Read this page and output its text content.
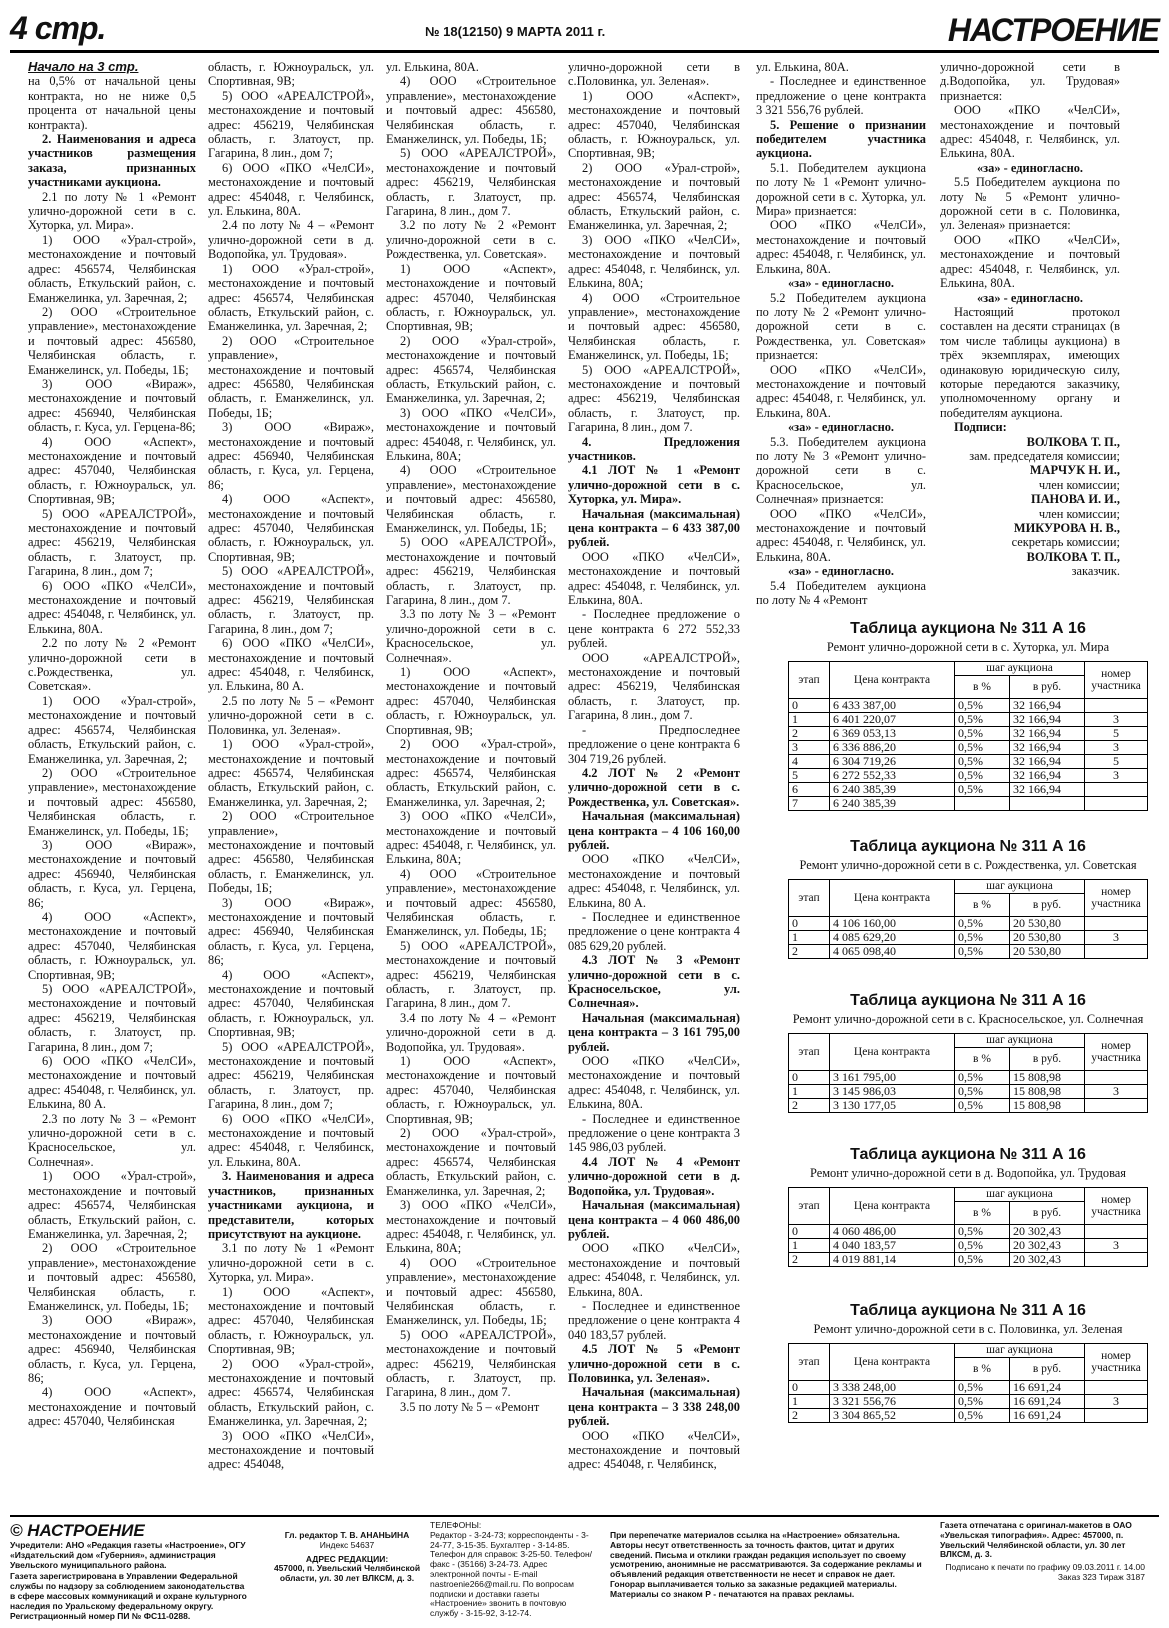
4 стр.	№ 18(12150) 9 МАРТА 2011 г.	НАСТРОЕНИЕ

Начало на 3 стр.

на 0,5% от начальной цены контракта, но не ниже 0,5 процента от начальной цены контракта).

2. Наименования и адреса участников размещения заказа, признанных участниками аукциона.

2.1 по лоту № 1 «Ремонт улично-дорожной сети в с. Хуторка, ул. Мира».

1) ООО «Урал-строй», местонахождение и почтовый адрес: 456574, Челябинская область, Еткульский район, с. Еманжелинка, ул. Заречная, 2;

2) ООО «Строительное управление», местонахождение и почтовый адрес: 456580, Челябинская область, г. Еманжелинск, ул. Победы, 1Б;

3) ООО «Вираж», местонахождение и почтовый адрес: 456940, Челябинская область, г. Куса, ул. Герцена-86;

4) ООО «Аспект», местонахождение и почтовый адрес: 457040, Челябинская область, г. Южноуральск, ул. Спортивная, 9В;

5) ООО «АРЕАЛСТРОЙ», местонахождение и почтовый адрес: 456219, Челябинская область, г. Златоуст, пр. Гагарина, 8 лин., дом 7;

6) ООО «ПКО «ЧелСИ», местонахождение и почтовый адрес: 454048, г. Челябинск, ул. Елькина, 80А.

2.2 по лоту № 2 «Ремонт улично-дорожной сети в с.Рождественка, ул. Советская».

1) ООО «Урал-строй», местонахождение и почтовый адрес: 456574, Челябинская область, Еткульский район, с. Еманжелинка, ул. Заречная, 2;

2) ООО «Строительное управление», местонахождение и почтовый адрес: 456580, Челябинская область, г. Еманжелинск, ул. Победы, 1Б;

3) ООО «Вираж», местонахождение и почтовый адрес: 456940, Челябинская область, г. Куса, ул. Герцена, 86;

4) ООО «Аспект», местонахождение и почтовый адрес: 457040, Челябинская область, г. Южноуральск, ул. Спортивная, 9В;

5) ООО «АРЕАЛСТРОЙ», местонахождение и почтовый адрес: 456219, Челябинская область, г. Златоуст, пр. Гагарина, 8 лин., дом 7;

6) ООО «ПКО «ЧелСИ», местонахождение и почтовый адрес: 454048, г. Челябинск, ул. Елькина, 80 А.

2.3 по лоту № 3 – «Ремонт улично-дорожной сети в с. Красносельское, ул. Солнечная».

1) ООО «Урал-строй», местонахождение и почтовый адрес: 456574, Челябинская область, Еткульский район, с. Еманжелинка, ул. Заречная, 2;

2) ООО «Строительное управление», местонахождение и почтовый адрес: 456580, Челябинская область, г. Еманжелинск, ул. Победы, 1Б;

3) ООО «Вираж», местонахождение и почтовый адрес: 456940, Челябинская область, г. Куса, ул. Герцена, 86;

4) ООО «Аспект», местонахождение и почтовый адрес: 457040, Челябинская

область, г. Южноуральск, ул. Спортивная, 9В;

5) ООО «АРЕАЛСТРОЙ», местонахождение и почтовый адрес: 456219, Челябинская область, г. Златоуст, пр. Гагарина, 8 лин., дом 7;

6) ООО «ПКО «ЧелСИ», местонахождение и почтовый адрес: 454048, г. Челябинск, ул. Елькина, 80А.

2.4 по лоту № 4 – «Ремонт улично-дорожной сети в д. Водопойка, ул. Трудовая».

1) ООО «Урал-строй», местонахождение и почтовый адрес: 456574, Челябинская область, Еткульский район, с. Еманжелинка, ул. Заречная, 2;

2) ООО «Строительное управление», местонахождение и почтовый адрес: 456580, Челябинская область, г. Еманжелинск, ул. Победы, 1Б;

3) ООО «Вираж», местонахождение и почтовый адрес: 456940, Челябинская область, г. Куса, ул. Герцена, 86;

4) ООО «Аспект», местонахождение и почтовый адрес: 457040, Челябинская область, г. Южноуральск, ул. Спортивная, 9В;

5) ООО «АРЕАЛСТРОЙ», местонахождение и почтовый адрес: 456219, Челябинская область, г. Златоуст, пр. Гагарина, 8 лин., дом 7;

6) ООО «ПКО «ЧелСИ», местонахождение и почтовый адрес: 454048, г. Челябинск, ул. Елькина, 80 А.

2.5 по лоту № 5 – «Ремонт улично-дорожной сети в с. Половинка, ул. Зеленая».

1) ООО «Урал-строй», местонахождение и почтовый адрес: 456574, Челябинская область, Еткульский район, с. Еманжелинка, ул. Заречная, 2;

2) ООО «Строительное управление», местонахождение и почтовый адрес: 456580, Челябинская область, г. Еманжелинск, ул. Победы, 1Б;

3) ООО «Вираж», местонахождение и почтовый адрес: 456940, Челябинская область, г. Куса, ул. Герцена, 86;

4) ООО «Аспект», местонахождение и почтовый адрес: 457040, Челябинская область, г. Южноуральск, ул. Спортивная, 9В;

5) ООО «АРЕАЛСТРОЙ», местонахождение и почтовый адрес: 456219, Челябинская область, г. Златоуст, пр. Гагарина, 8 лин., дом 7;

6) ООО «ПКО «ЧелСИ», местонахождение и почтовый адрес: 454048, г. Челябинск, ул. Елькина, 80А.

3. Наименования и адреса участников, признанных участниками аукциона, и представители, которых присутствуют на аукционе.

3.1 по лоту № 1 «Ремонт улично-дорожной сети в с. Хуторка, ул. Мира».

1) ООО «Аспект», местонахождение и почтовый адрес: 457040, Челябинская область, г. Южноуральск, ул. Спортивная, 9В;

2) ООО «Урал-строй», местонахождение и почтовый адрес: 456574, Челябинская область, Еткульский район, с. Еманжелинка, ул. Заречная, 2;

3) ООО «ПКО «ЧелСИ», местонахождение и почтовый адрес: 454048,

ул. Елькина, 80А.

4) ООО «Строительное управление», местонахождение и почтовый адрес: 456580, Челябинская область, г. Еманжелинск, ул. Победы, 1Б;

5) ООО «АРЕАЛСТРОЙ», местонахождение и почтовый адрес: 456219, Челябинская область, г. Златоуст, пр. Гагарина, 8 лин., дом 7.

3.2 по лоту № 2 «Ремонт улично-дорожной сети в с. Рождественка, ул. Советская».

1) ООО «Аспект», местонахождение и почтовый адрес: 457040, Челябинская область, г. Южноуральск, ул. Спортивная, 9В;

2) ООО «Урал-строй», местонахождение и почтовый адрес: 456574, Челябинская область, Еткульский район, с. Еманжелинка, ул. Заречная, 2;

3) ООО «ПКО «ЧелСИ», местонахождение и почтовый адрес: 454048, г. Челябинск, ул. Елькина, 80А;

4) ООО «Строительное управление», местонахождение и почтовый адрес: 456580, Челябинская область, г. Еманжелинск, ул. Победы, 1Б;

5) ООО «АРЕАЛСТРОЙ», местонахождение и почтовый адрес: 456219, Челябинская область, г. Златоуст, пр. Гагарина, 8 лин., дом 7.

3.3 по лоту № 3 – «Ремонт улично-дорожной сети в с. Красносельское, ул. Солнечная».

1) ООО «Аспект», местонахождение и почтовый адрес: 457040, Челябинская область, г. Южноуральск, ул. Спортивная, 9В;

2) ООО «Урал-строй», местонахождение и почтовый адрес: 456574, Челябинская область, Еткульский район, с. Еманжелинка, ул. Заречная, 2;

3) ООО «ПКО «ЧелСИ», местонахождение и почтовый адрес: 454048, г. Челябинск, ул. Елькина, 80А;

4) ООО «Строительное управление», местонахождение и почтовый адрес: 456580, Челябинская область, г. Еманжелинск, ул. Победы, 1Б;

5) ООО «АРЕАЛСТРОЙ», местонахождение и почтовый адрес: 456219, Челябинская область, г. Златоуст, пр. Гагарина, 8 лин., дом 7.

3.4 по лоту № 4 – «Ремонт улично-дорожной сети в д. Водопойка, ул. Трудовая».

1) ООО «Аспект», местонахождение и почтовый адрес: 457040, Челябинская область, г. Южноуральск, ул. Спортивная, 9В;

2) ООО «Урал-строй», местонахождение и почтовый адрес: 456574, Челябинская область, Еткульский район, с. Еманжелинка, ул. Заречная, 2;

3) ООО «ПКО «ЧелСИ», местонахождение и почтовый адрес: 454048, г. Челябинск, ул. Елькина, 80А;

4) ООО «Строительное управление», местонахождение и почтовый адрес: 456580, Челябинская область, г. Еманжелинск, ул. Победы, 1Б;

5) ООО «АРЕАЛСТРОЙ», местонахождение и почтовый адрес: 456219, Челябинская область, г. Златоуст, пр. Гагарина, 8 лин., дом 7.

3.5 по лоту № 5 – «Ремонт

улично-дорожной сети в с.Половинка, ул. Зеленая».

1) ООО «Аспект», местонахождение и почтовый адрес: 457040, Челябинская область, г. Южноуральск, ул. Спортивная, 9В;

2) ООО «Урал-строй», местонахождение и почтовый адрес: 456574, Челябинская область, Еткульский район, с. Еманжелинка, ул. Заречная, 2;

3) ООО «ПКО «ЧелСИ», местонахождение и почтовый адрес: 454048, г. Челябинск, ул. Елькина, 80А;

4) ООО «Строительное управление», местонахождение и почтовый адрес: 456580, Челябинская область, г. Еманжелинск, ул. Победы, 1Б;

5) ООО «АРЕАЛСТРОЙ», местонахождение и почтовый адрес: 456219, Челябинская область, г. Златоуст, пр. Гагарина, 8 лин., дом 7.

4. Предложения участников.

4.1 ЛОТ № 1 «Ремонт улично-дорожной сети в с. Хуторка, ул. Мира».

Начальная (максимальная) цена контракта – 6 433 387,00 рублей.

ООО «ПКО «ЧелСИ», местонахождение и почтовый адрес: 454048, г. Челябинск, ул. Елькина, 80А.

- Последнее предложение о цене контракта 6 272 552,33 рублей.

ООО «АРЕАЛСТРОЙ», местонахождение и почтовый адрес: 456219, Челябинская область, г. Златоуст, пр. Гагарина, 8 лин., дом 7.

- Предпоследнее предложение о цене контракта 6 304 719,26 рублей.

4.2 ЛОТ № 2 «Ремонт улично-дорожной сети в с. Рождественка, ул. Советская».

Начальная (максимальная) цена контракта – 4 106 160,00 рублей.

ООО «ПКО «ЧелСИ», местонахождение и почтовый адрес: 454048, г. Челябинск, ул. Елькина, 80 А.

- Последнее и единственное предложение о цене контракта 4 085 629,20 рублей.

4.3 ЛОТ № 3 «Ремонт улично-дорожной сети в с. Красносельское, ул. Солнечная».

Начальная (максимальная) цена контракта – 3 161 795,00 рублей.

ООО «ПКО «ЧелСИ», местонахождение и почтовый адрес: 454048, г. Челябинск, ул. Елькина, 80А.

- Последнее и единственное предложение о цене контракта 3 145 986,03 рублей.

4.4 ЛОТ № 4 «Ремонт улично-дорожной сети в д. Водопойка, ул. Трудовая».

Начальная (максимальная) цена контракта – 4 060 486,00 рублей.

ООО «ПКО «ЧелСИ», местонахождение и почтовый адрес: 454048, г. Челябинск, ул. Елькина, 80А.

- Последнее и единственное предложение о цене контракта 4 040 183,57 рублей.

4.5 ЛОТ № 5 «Ремонт улично-дорожной сети в с. Половинка, ул. Зеленая».

Начальная (максимальная) цена контракта – 3 338 248,00 рублей.

ООО «ПКО «ЧелСИ», местонахождение и почтовый адрес: 454048, г. Челябинск,

ул. Елькина, 80А.

- Последнее и единственное предложение о цене контракта 3 321 556,76 рублей.

5. Решение о признании победителем участника аукциона.

5.1. Победителем аукциона по лоту № 1 «Ремонт улично-дорожной сети в с. Хуторка, ул. Мира» признается:

ООО «ПКО «ЧелСИ», местонахождение и почтовый адрес: 454048, г. Челябинск, ул. Елькина, 80А.

«за» - единогласно.

5.2 Победителем аукциона по лоту № 2 «Ремонт улично-дорожной сети в с. Рождественка, ул. Советская» признается:

ООО «ПКО «ЧелСИ», местонахождение и почтовый адрес: 454048, г. Челябинск, ул. Елькина, 80А.

«за» - единогласно.

5.3. Победителем аукциона по лоту № 3 «Ремонт улично-дорожной сети в с. Красносельское, ул. Солнечная» признается:

ООО «ПКО «ЧелСИ», местонахождение и почтовый адрес: 454048, г. Челябинск, ул. Елькина, 80А.

«за» - единогласно.

5.4 Победителем аукциона по лоту № 4 «Ремонт

улично-дорожной сети в д.Водопойка, ул. Трудовая» признается:

ООО «ПКО «ЧелСИ», местонахождение и почтовый адрес: 454048, г. Челябинск, ул. Елькина, 80А.

«за» - единогласно.

5.5 Победителем аукциона по лоту № 5 «Ремонт улично-дорожной сети в с. Половинка, ул. Зеленая» признается:

ООО «ПКО «ЧелСИ», местонахождение и почтовый адрес: 454048, г. Челябинск, ул. Елькина, 80А.

«за» - единогласно.

Настоящий протокол составлен на десяти страницах (в том числе таблицы аукциона) в трёх экземплярах, имеющих одинаковую юридическую силу, которые передаются заказчику, уполномоченному органу и победителям аукциона.

Подписи:

ВОЛКОВА Т. П.,

зам. председателя комиссии;

МАРЧУК Н. И.,

член комиссии;

ПАНОВА И. И.,

член комиссии;

МИКУРОВА Н. В.,

секретарь комиссии;

ВОЛКОВА Т. П.,

заказчик.

Таблица аукциона № 311 А 16

Ремонт улично-дорожной сети в с. Хуторка, ул. Мира

этап	Цена контракта	шаг аукциона		номер участника
		в %	в руб.	
0	6 433 387,00	0,5%	32 166,94	
1	6 401 220,07	0,5%	32 166,94	3
2	6 369 053,13	0,5%	32 166,94	5
3	6 336 886,20	0,5%	32 166,94	3
4	6 304 719,26	0,5%	32 166,94	5
5	6 272 552,33	0,5%	32 166,94	3
6	6 240 385,39	0,5%	32 166,94	
7	6 240 385,39			

Таблица аукциона № 311 А 16

Ремонт улично-дорожной сети в с. Рождественка, ул. Советская

этап	Цена контракта	шаг аукциона		номер участника
		в %	в руб.	
0	4 106 160,00	0,5%	20 530,80	
1	4 085 629,20	0,5%	20 530,80	3
2	4 065 098,40	0,5%	20 530,80	

Таблица аукциона № 311 А 16

Ремонт улично-дорожной сети в с. Красносельское, ул. Солнечная

этап	Цена контракта	шаг аукциона		номер участника
		в %	в руб.	
0	3 161 795,00	0,5%	15 808,98	
1	3 145 986,03	0,5%	15 808,98	3
2	3 130 177,05	0,5%	15 808,98	

Таблица аукциона № 311 А 16

Ремонт улично-дорожной сети в д. Водопойка, ул. Трудовая

этап	Цена контракта	шаг аукциона		номер участника
		в %	в руб.	
0	4 060 486,00	0,5%	20 302,43	
1	4 040 183,57	0,5%	20 302,43	3
2	4 019 881,14	0,5%	20 302,43	

Таблица аукциона № 311 А 16

Ремонт улично-дорожной сети в с. Половинка, ул. Зеленая

этап	Цена контракта	шаг аукциона		номер участника
		в %	в руб.	
0	3 338 248,00	0,5%	16 691,24	
1	3 321 556,76	0,5%	16 691,24	3
2	3 304 865,52	0,5%	16 691,24	
© НАСТРОЕНИЕ
Учредители: АНО «Редакция газеты «Настроение», ОГУ «Издательский дом «Губерния», администрация Увельского муниципального района.
Газета зарегистрирована в Управлении Федеральной службы по надзору за соблюдением законодательства в сфере массовых коммуникаций и охране культурного наследия по Уральскому федеральному округу. Регистрационный номер ПИ № ФС11-0288.
Гл. редактор Т. В. АНАНЬИНА
Индекс 54637
АДРЕС РЕДАКЦИИ:
457000, п. Увельский Челябинской области, ул. 30 лет ВЛКСМ, д. 3.
ТЕЛЕФОНЫ:
Редактор - 3-24-73; корреспонденты - 3-24-77, 3-15-35. Бухгалтер - 3-14-85. Телефон для справок: 3-25-50. Телефон/факс - (35166) 3-24-73. Адрес электронной почты - E-mail nastroenie266@mail.ru. По вопросам подписки и доставки газеты «Настроение» звонить в почтовую службу - 3-15-92, 3-12-74.
При перепечатке материалов ссылка на «Настроение» обязательна. Авторы несут ответственность за точность фактов, цитат и других сведений. Письма и отклики граждан редакция использует по своему усмотрению, анонимные не рассматриваются. За содержание рекламы и объявлений редакция ответственности не несет и справок не дает. Гонорар выплачивается только за заказные редакцией материалы. Материалы со знаком Р - печатаются на правах рекламы.
Газета отпечатана с оригинал-макетов в ОАО «Увельская типография». Адрес: 457000, п. Увельский Челябинской области, ул. 30 лет ВЛКСМ, д. 3.
Подписано к печати по графику 09.03.2011 г. 14.00
Заказ 323 Тираж 3187
